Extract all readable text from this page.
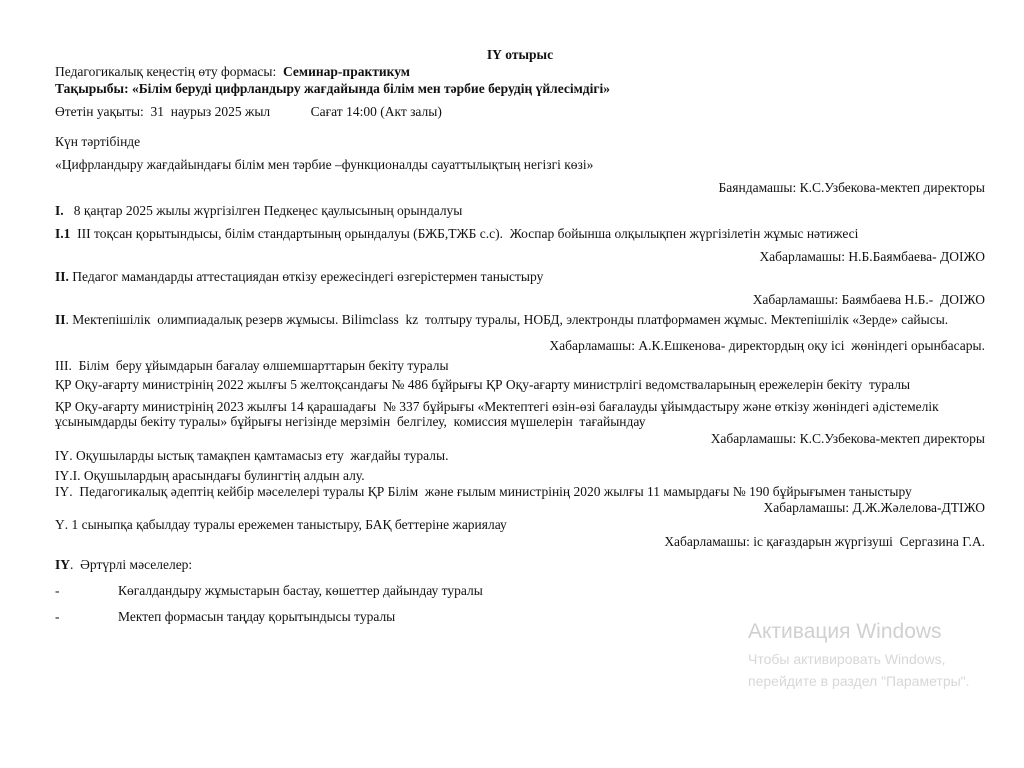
ІҮ отырыс

Педагогикалық кеңестің өту формасы:  Семинар-практикум

Тақырыбы: «Білім беруді цифрландыру жағдайында білім мен тәрбие берудің үйлесімдігі»

Өтетін уақыты:  31  наурыз 2025 жыл            Сағат 14:00 (Акт залы)

Күн тәртібінде

«Цифрландыру жағдайындағы білім мен тәрбие –функционалды сауаттылықтың негізгі көзі»

Баяндамашы: К.С.Узбекова-мектеп директоры

І.   8 қаңтар 2025 жылы жүргізілген Педкеңес қаулысының орындалуы

І.1  ІІІ тоқсан қорытындысы, білім стандартының орындалуы (БЖБ,ТЖБ с.с).  Жоспар бойынша олқылықпен жүргізілетін жұмыс нәтижесі

Хабарламашы: Н.Б.Баямбаева- ДОІЖО

ІІ. Педагог мамандарды аттестациядан өткізу ережесіндегі өзгерістермен таныстыру

Хабарламашы: Баямбаева Н.Б.-  ДОІЖО

ІІ. Мектепішілік  олимпиадалық резерв жұмысы. Bilimclass  kz  толтыру туралы, НОБД, электронды платформамен жұмыс. Мектепішілік «Зерде» сайысы.

Хабарламашы: А.К.Ешкенова- директордың оқу ісі  жөніндегі орынбасары.

ІІІ.  Білім  беру ұйымдарын бағалау өлшемшарттарын бекіту туралы

ҚР Оқу-ағарту министрінің 2022 жылғы 5 желтоқсандағы № 486 бұйрығы ҚР Оқу-ағарту министрлігі ведомстваларының ережелерін бекіту  туралы

ҚР Оқу-ағарту министрінің 2023 жылғы 14 қарашадағы  № 337 бұйрығы «Мектептегі өзін-өзі бағалауды ұйымдастыру және өткізу жөніндегі әдістемелік  ұсынымдарды бекіту туралы» бұйрығы негізінде мерзімін  белгілеу,  комиссия мүшелерін  тағайындау

Хабарламашы: К.С.Узбекова-мектеп директоры

ІҮ. Оқушыларды ыстық тамақпен қамтамасыз ету  жағдайы туралы.

ІҮ.І. Оқушылардың арасындағы булингтің алдын алу.

ІҮ.  Педагогикалық әдептің кейбір мәселелері туралы ҚР Білім  және ғылым министрінің 2020 жылғы 11 мамырдағы № 190 бұйрығымен таныстыру

Хабарламашы: Д.Ж.Жәлелова-ДТІЖО

Ү. 1 сыныпқа қабылдау туралы ережемен таныстыру, БАҚ беттеріне жариялау

Хабарламашы: іс қағаздарын жүргізуші  Сергазина Г.А.

ІҮ.  Әртүрлі мәселелер:

-	Көгалдандыру жұмыстарын бастау, көшеттер дайындау туралы

-	Мектеп формасын таңдау қорытындысы туралы

Активация Windows

Чтобы активировать Windows,

перейдите в раздел "Параметры".
